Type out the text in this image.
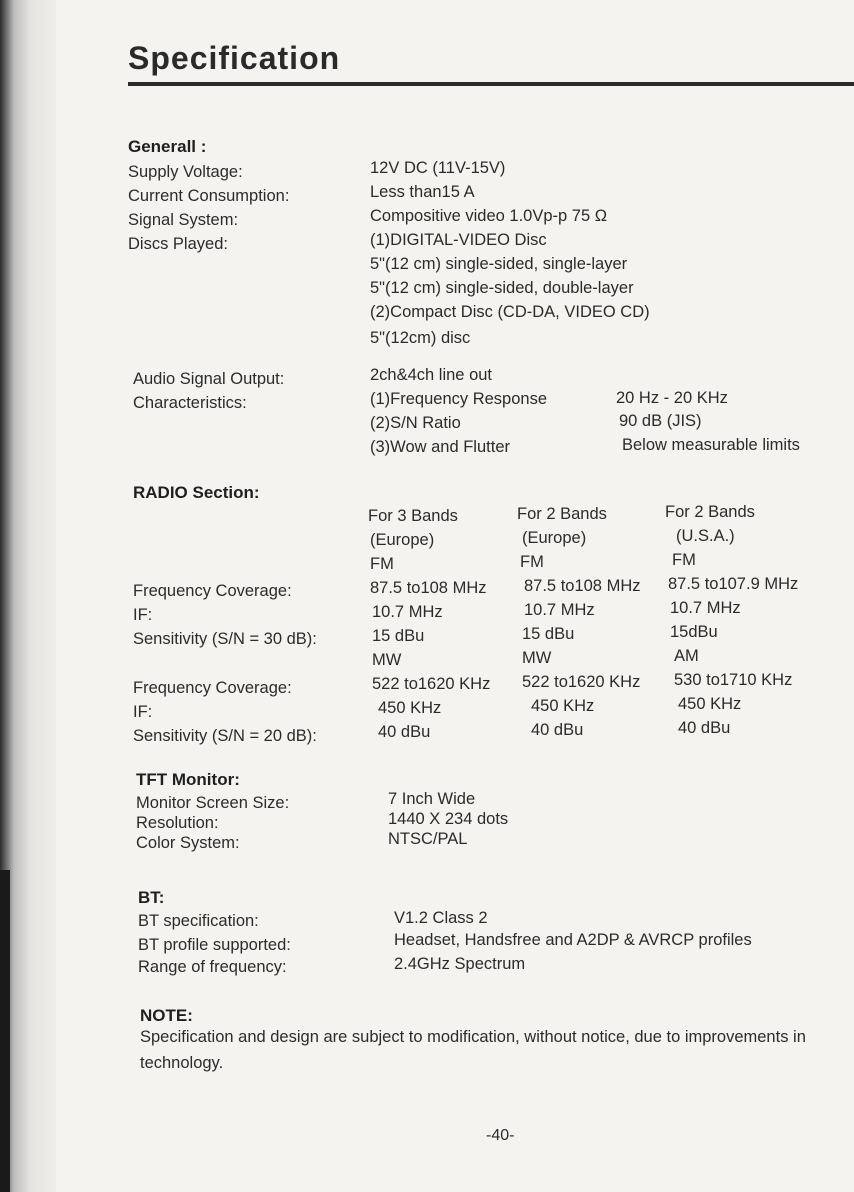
Specification
Generall :
Supply Voltage:
Current Consumption:
Signal System:
Discs Played:
12V DC (11V-15V)
Less than15 A
Compositive video 1.0Vp-p 75 Ω
(1)DIGITAL-VIDEO Disc
5"(12 cm) single-sided, single-layer
5"(12 cm) single-sided, double-layer
(2)Compact Disc (CD-DA, VIDEO CD)
5"(12cm) disc
Audio Signal Output:
Characteristics:
2ch&4ch line out
(1)Frequency Response
(2)S/N Ratio
(3)Wow and Flutter
20 Hz - 20 KHz
90 dB (JIS)
Below measurable limits
RADIO Section:
For 3 Bands
(Europe)
FM
87.5 to108 MHz
10.7 MHz
15 dBu
MW
522 to1620 KHz
450 KHz
40 dBu
For 2 Bands
(Europe)
FM
87.5 to108 MHz
10.7 MHz
15 dBu
MW
522 to1620 KHz
450 KHz
40 dBu
For 2 Bands
(U.S.A.)
FM
87.5 to107.9 MHz
10.7 MHz
15dBu
AM
530 to1710 KHz
450 KHz
40 dBu
Frequency Coverage:
IF:
Sensitivity (S/N = 30 dB):
Frequency Coverage:
IF:
Sensitivity (S/N = 20 dB):
TFT Monitor:
Monitor Screen Size:
Resolution:
Color System:
7 Inch Wide
1440 X 234 dots
NTSC/PAL
BT:
BT specification:
BT profile supported:
Range of frequency:
V1.2 Class 2
Headset, Handsfree and A2DP & AVRCP profiles
2.4GHz Spectrum
NOTE:
Specification and design are subject to modification, without notice, due to improvements in technology.
-40-
